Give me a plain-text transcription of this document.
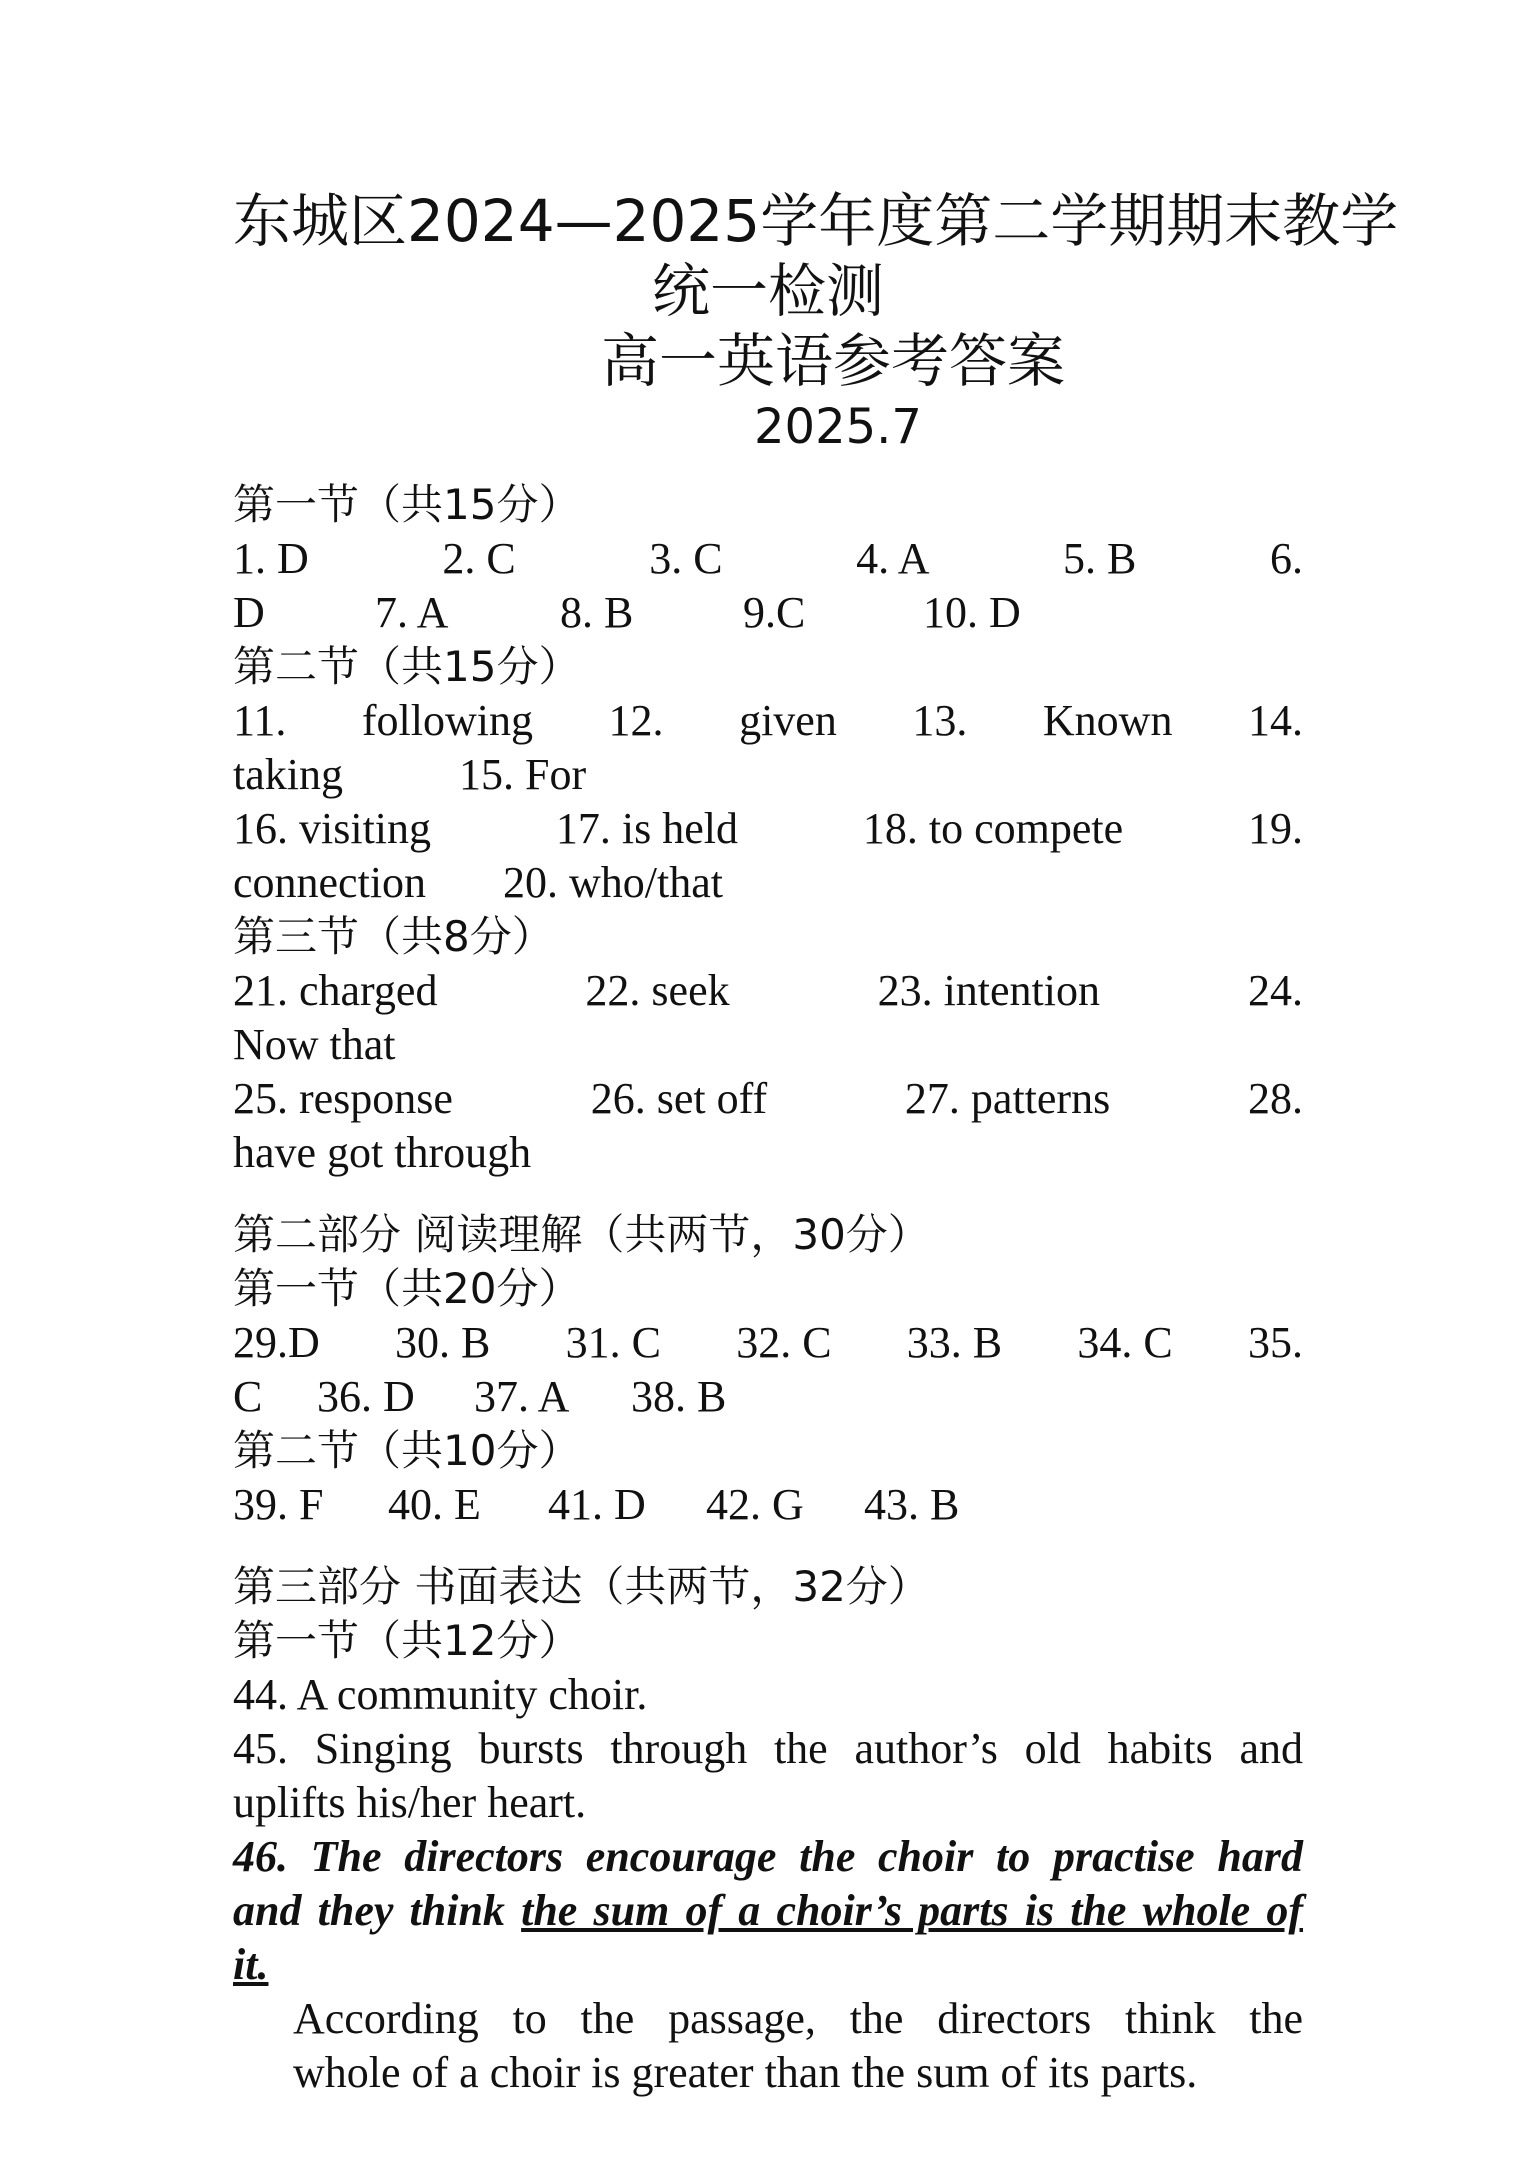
东城区2024—2025学年度第二学期期末教学
统一检测
高一英语参考答案
2025.7
第一节（共15分）
1. D	2. C	3. C	4. A	5. B	6.
D	7. A	8. B	9.C	10. D
第二节（共15分）
11. following 12. given 13. Known 14.
taking	15. For
16. visiting	17. is held	18. to compete	19.
connection	20. who/that
第三节（共8分）
21. charged	22. seek	23. intention	24.
Now that
25. response	26. set off	27. patterns	28.
have got through
第二部分 阅读理解（共两节，30分）
第一节（共20分）
29.D 30. B 31. C 32. C 33. B 34. C 35.
C	36. D	37. A	38. B
第二节（共10分）
39. F	40. E	41. D	42. G	43. B
第三部分 书面表达（共两节，32分）
第一节（共12分）
44. A community choir.
45. Singing bursts through the author’s old habits and
uplifts his/her heart.
46. The directors encourage the choir to practise hard
and they think the sum of a choir’s parts is the whole of
it.
According to the passage, the directors think the
whole of a choir is greater than the sum of its parts.
